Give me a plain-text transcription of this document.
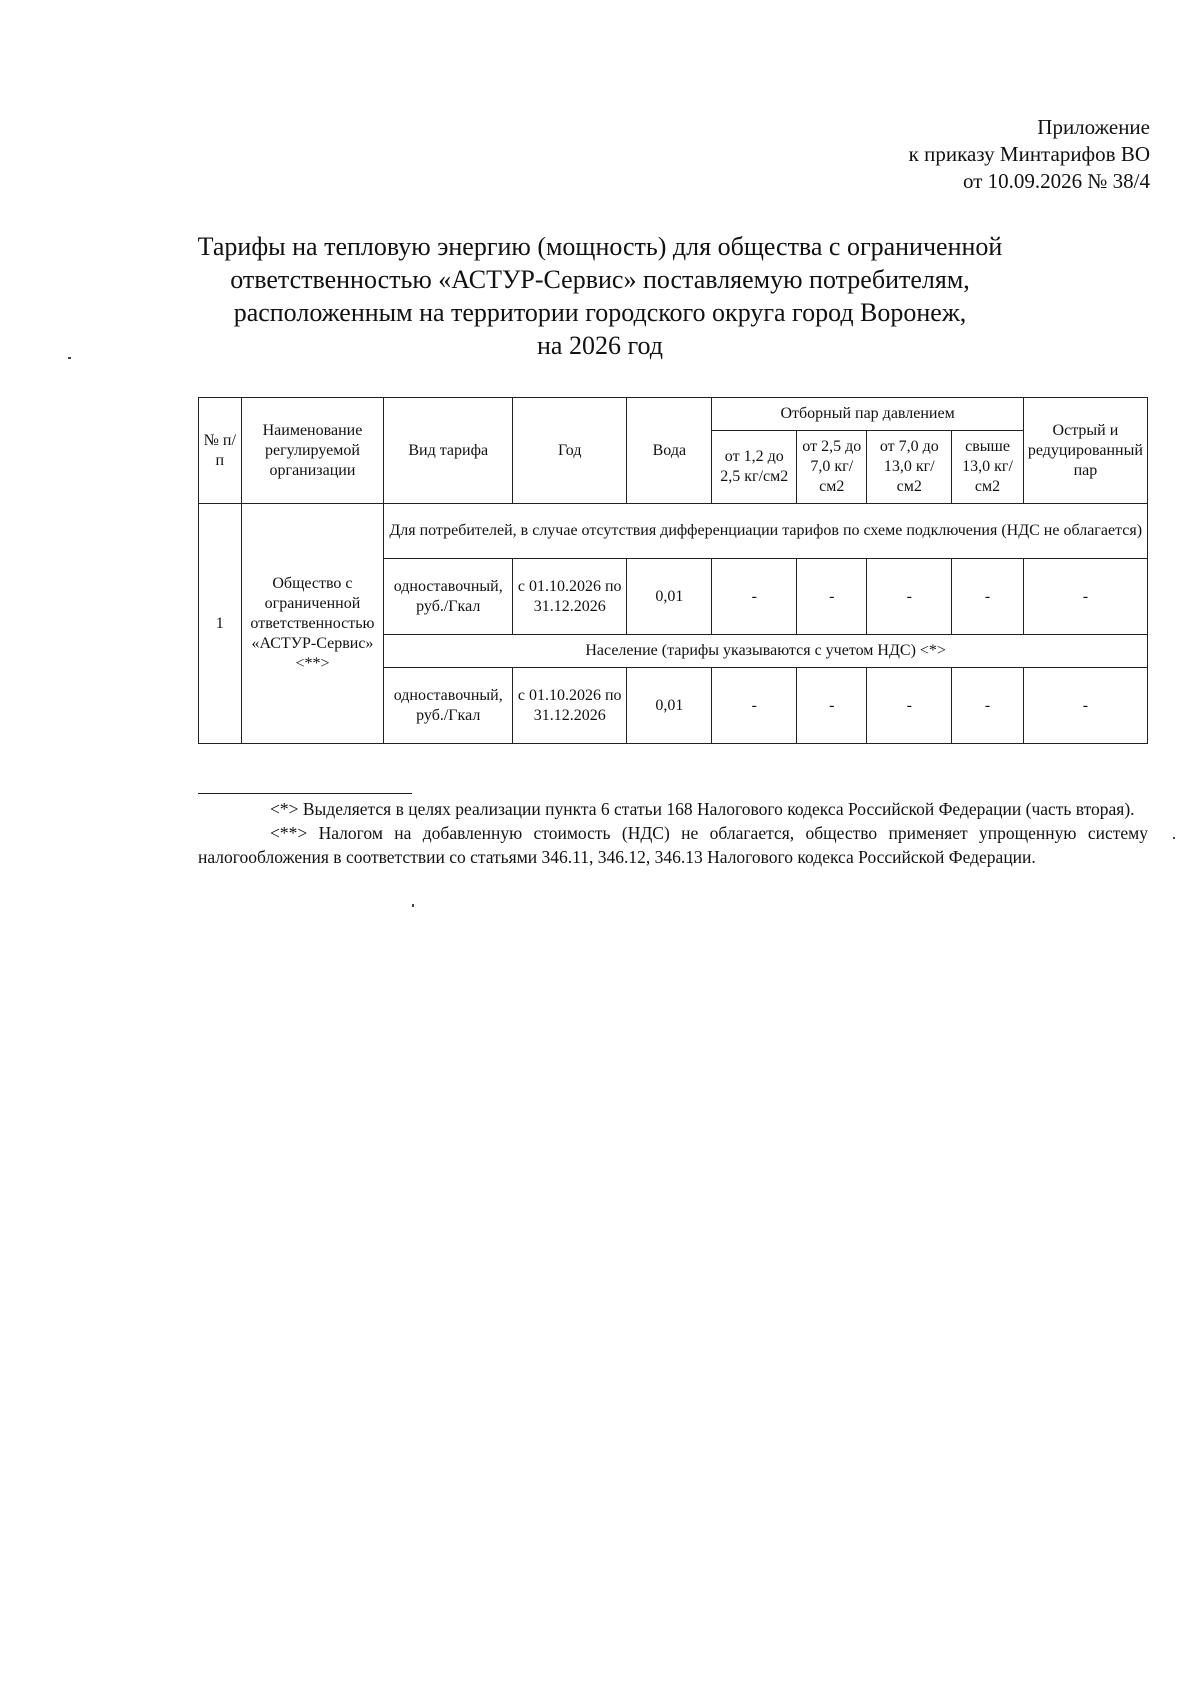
Приложение
к приказу Минтарифов ВО
от 10.09.2026 № 38/4
Тарифы на тепловую энергию (мощность) для общества с ограниченной
ответственностью «АСТУР-Сервис» поставляемую потребителям,
расположенным на территории городского округа город Воронеж,
на 2026 год
№ п/п	Наименование регулируемой организации	Вид тарифа	Год	Вода	Отборный пар давлением				Острый и редуцированный пар
					от 1,2 до 2,5 кг/см2	от 2,5 до 7,0 кг/см2	от 7,0 до 13,0 кг/см2	свыше 13,0 кг/см2	
1	Общество с ограниченной ответственностью «АСТУР-Сервис» <**>	Для потребителей, в случае отсутствия дифференциации тарифов по схеме подключения (НДС не облагается)							
		одноставочный, руб./Гкал	с 01.10.2026 по 31.12.2026	0,01	-	-	-	-	-
		Население (тарифы указываются с учетом НДС) <*>							
		одноставочный, руб./Гкал	с 01.10.2026 по 31.12.2026	0,01	-	-	-	-	-

<*> Выделяется в целях реализации пункта 6 статьи 168 Налогового кодекса Российской Федерации (часть вторая).

<**> Налогом на добавленную стоимость (НДС) не облагается, общество применяет упрощенную систему налогообложения в соответствии со статьями 346.11, 346.12, 346.13 Налогового кодекса Российской Федерации.
